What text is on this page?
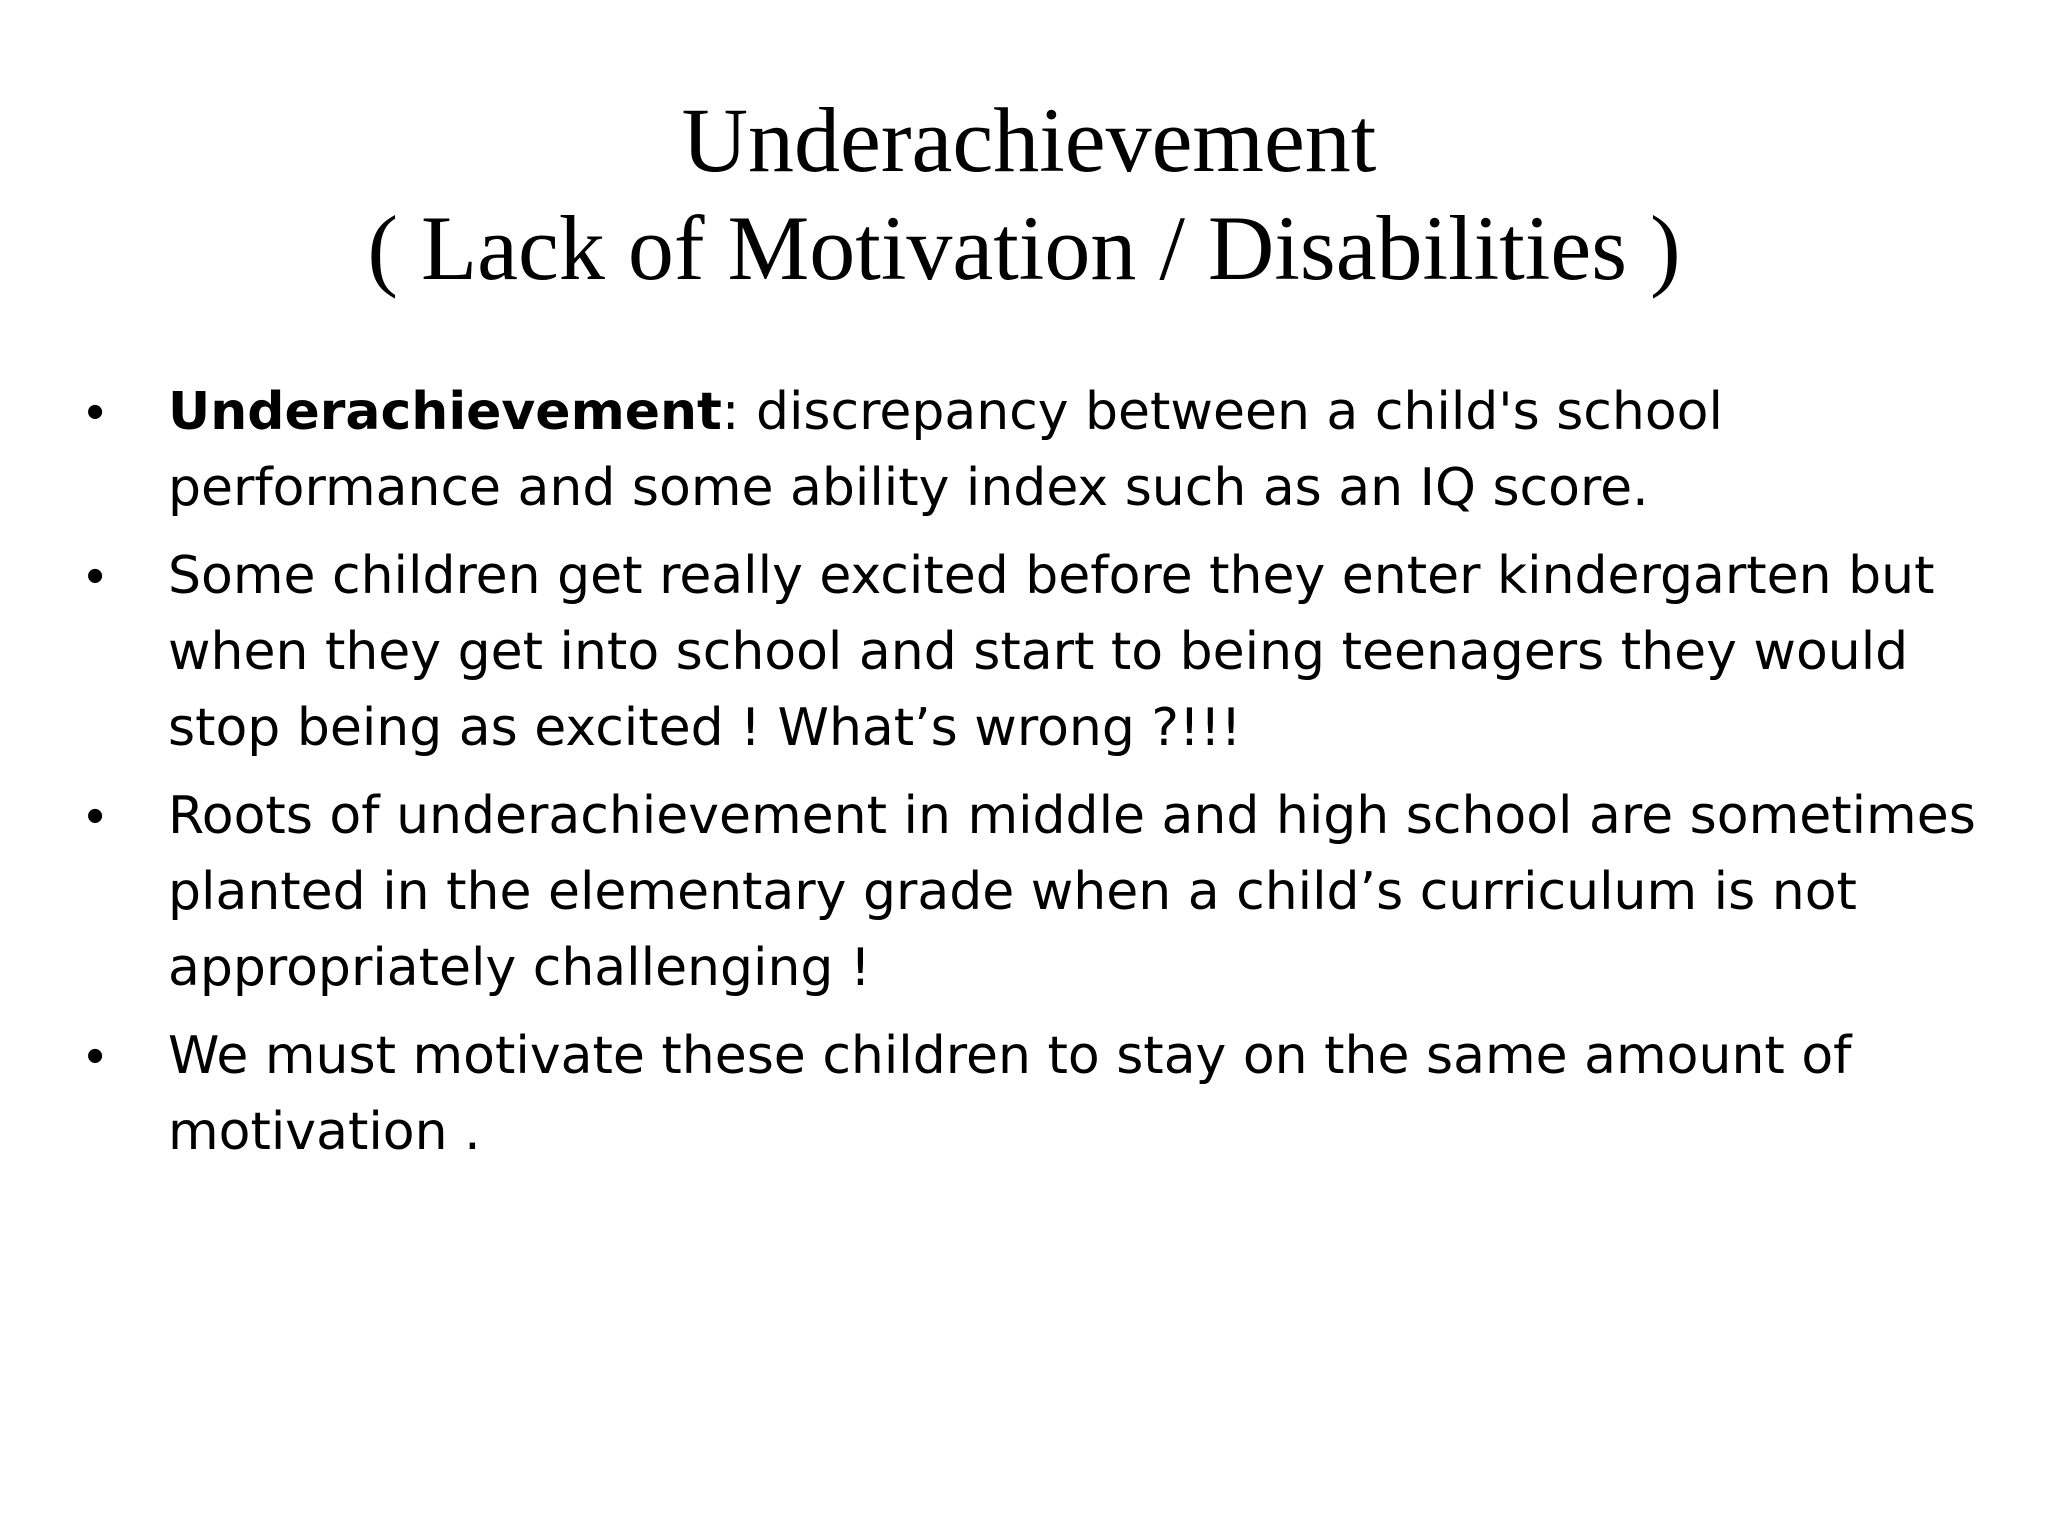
Underachievement
( Lack of Motivation / Disabilities )
• Underachievement: discrepancy between a child's school
performance and some ability index such as an IQ score.
• Some children get really excited before they enter kindergarten but
when they get into school and start to being teenagers they would
stop being as excited ! What’s wrong ?!!!
• Roots of underachievement in middle and high school are sometimes
planted in the elementary grade when a child’s curriculum is not
appropriately challenging !
• We must motivate these children to stay on the same amount of
motivation .
